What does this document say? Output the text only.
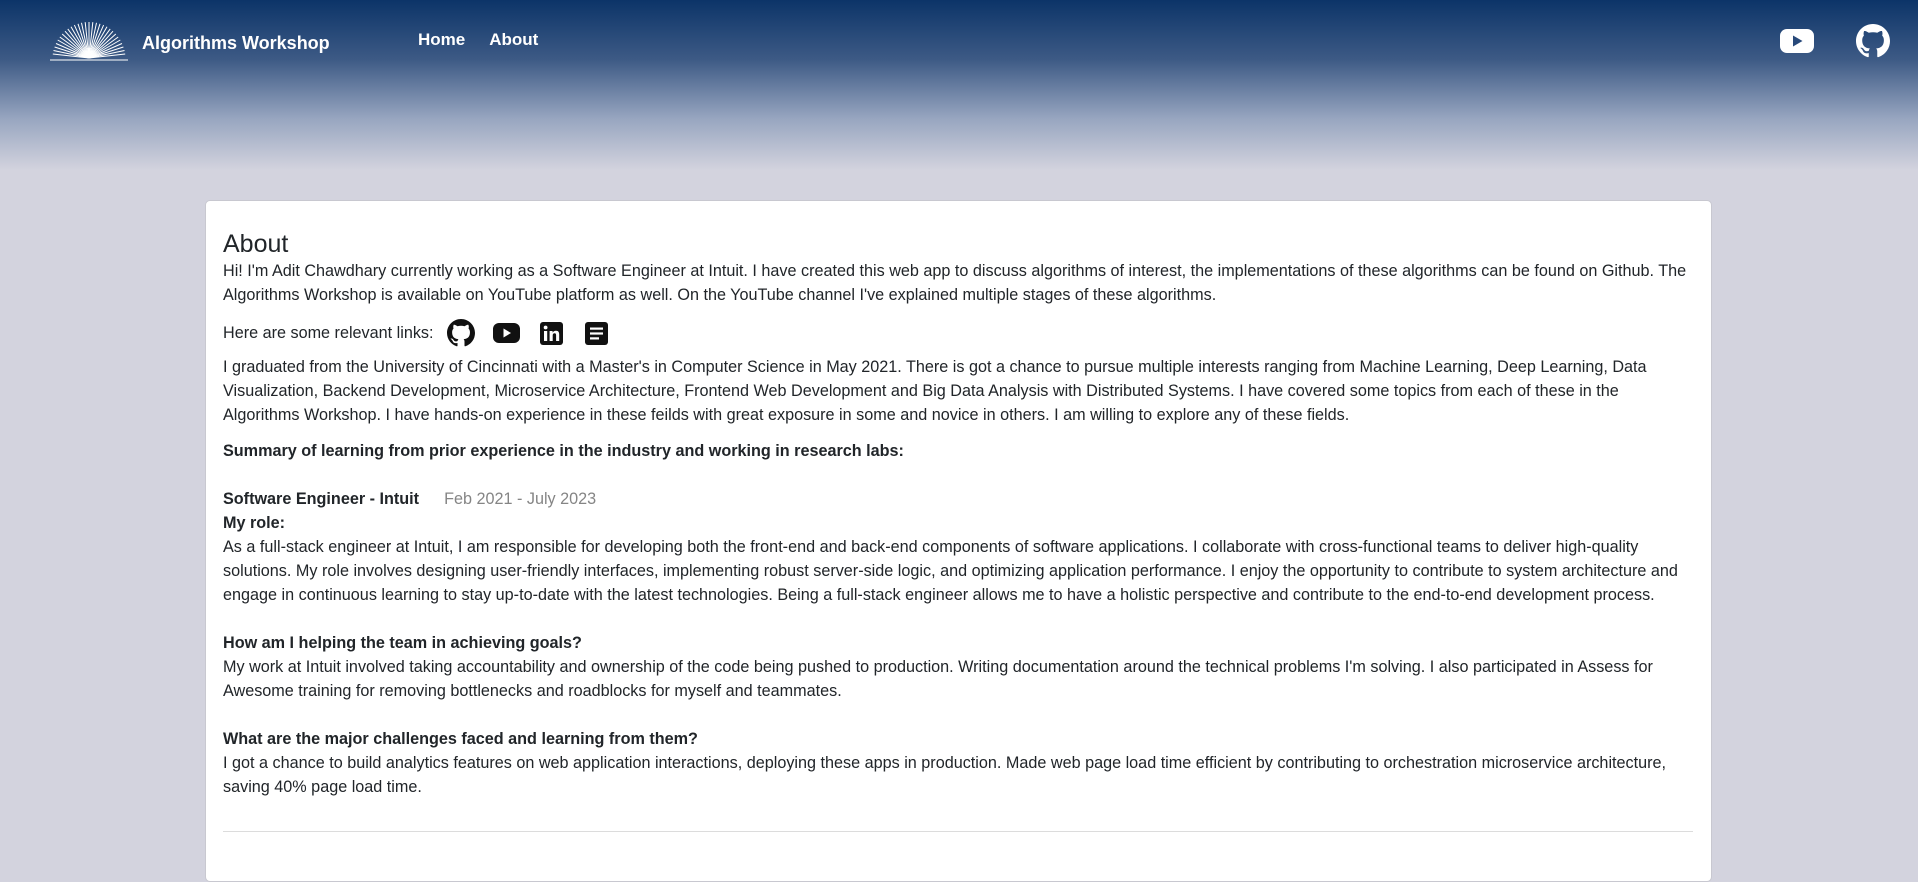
Algorithms Workshop	Home About
About

Hi! I'm Adit Chawdhary currently working as a Software Engineer at Intuit. I have created this web app to discuss algorithms of interest, the implementations of these algorithms can be found on Github. The Algorithms Workshop is available on YouTube platform as well. On the YouTube channel I've explained multiple stages of these algorithms.

Here are some relevant links:

I graduated from the University of Cincinnati with a Master's in Computer Science in May 2021. There is got a chance to pursue multiple interests ranging from Machine Learning, Deep Learning, Data Visualization, Backend Development, Microservice Architecture, Frontend Web Development and Big Data Analysis with Distributed Systems. I have covered some topics from each of these in the Algorithms Workshop. I have hands-on experience in these feilds with great exposure in some and novice in others. I am willing to explore any of these fields.

Summary of learning from prior experience in the industry and working in research labs:

Software Engineer - Intuit Feb 2021 - July 2023

My role:

As a full-stack engineer at Intuit, I am responsible for developing both the front-end and back-end components of software applications. I collaborate with cross-functional teams to deliver high-quality solutions. My role involves designing user-friendly interfaces, implementing robust server-side logic, and optimizing application performance. I enjoy the opportunity to contribute to system architecture and engage in continuous learning to stay up-to-date with the latest technologies. Being a full-stack engineer allows me to have a holistic perspective and contribute to the end-to-end development process.

How am I helping the team in achieving goals?

My work at Intuit involved taking accountability and ownership of the code being pushed to production. Writing documentation around the technical problems I'm solving. I also participated in Assess for Awesome training for removing bottlenecks and roadblocks for myself and teammates.

What are the major challenges faced and learning from them?

I got a chance to build analytics features on web application interactions, deploying these apps in production. Made web page load time efficient by contributing to orchestration microservice architecture, saving 40% page load time.
